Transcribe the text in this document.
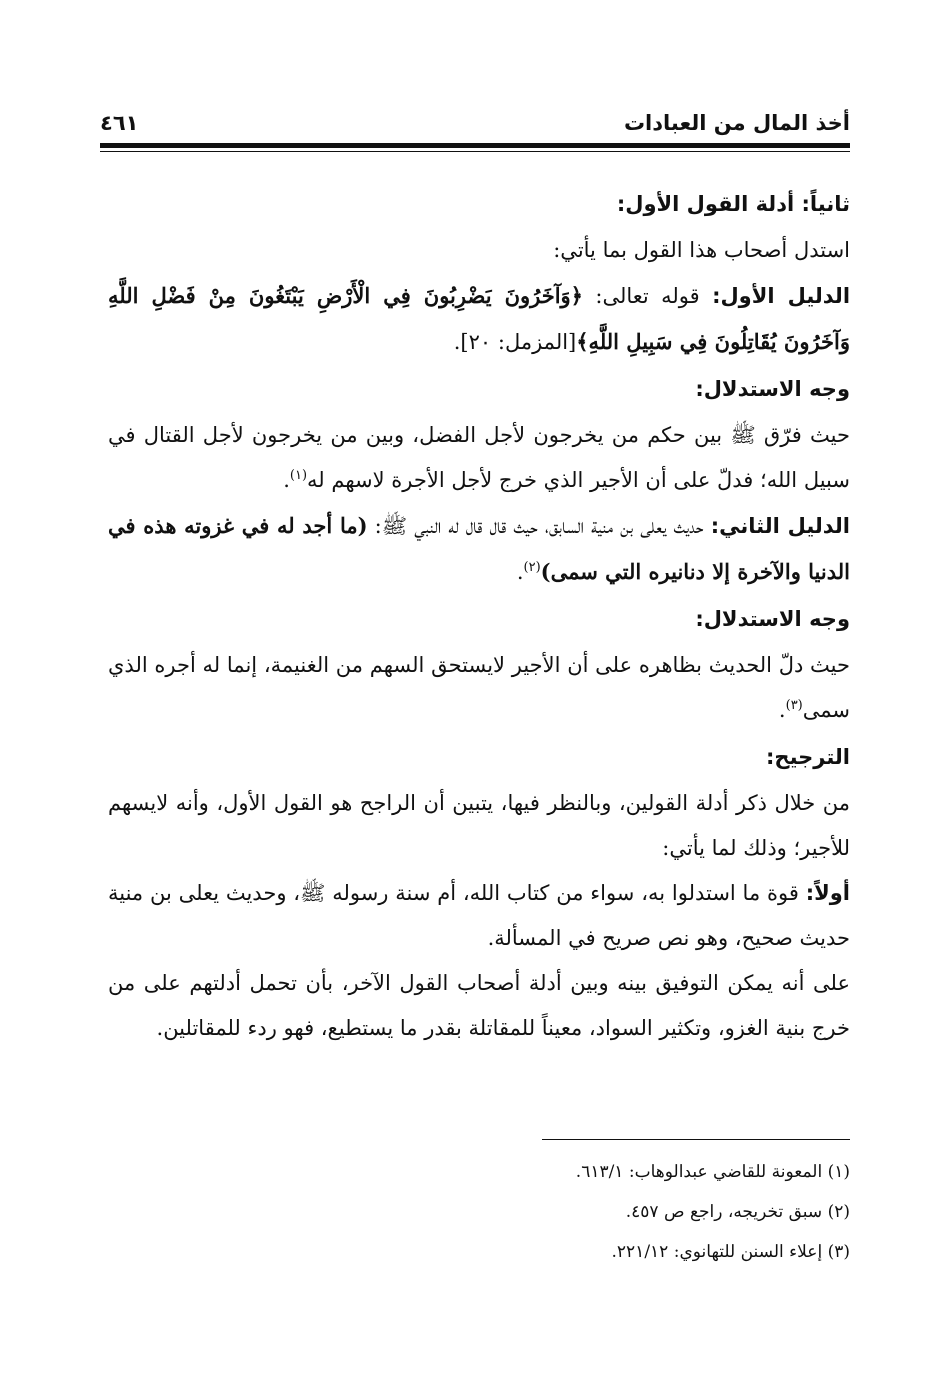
أخذ المال من العبادات
٤٦١

ثانياً: أدلة القول الأول:

استدل أصحاب هذا القول بما يأتي:

الدليل الأول: قوله تعالى: ﴿وَآخَرُونَ يَضْرِبُونَ فِي الْأَرْضِ يَبْتَغُونَ مِنْ فَضْلِ اللَّهِ وَآخَرُونَ يُقَاتِلُونَ فِي سَبِيلِ اللَّهِ﴾[المزمل: ٢٠].

وجه الاستدلال:

حيث فرّق ﷺ بين حكم من يخرجون لأجل الفضل، وبين من يخرجون لأجل القتال في سبيل الله؛ فدلّ على أن الأجير الذي خرج لأجل الأجرة لاسهم له$^{(١)}$.

الدليل الثاني: حديث يعلى بن منية السابق، حيث قال قال له النبي ﷺ: (ما أجد له في غزوته هذه في الدنيا والآخرة إلا دنانيره التي سمى)$^{(٢)}$.

وجه الاستدلال:

حيث دلّ الحديث بظاهره على أن الأجير لايستحق السهم من الغنيمة، إنما له أجره الذي سمى$^{(٣)}$.

الترجيح:

من خلال ذكر أدلة القولين، وبالنظر فيها، يتبين أن الراجح هو القول الأول، وأنه لايسهم للأجير؛ وذلك لما يأتي:

أولاً: قوة ما استدلوا به، سواء من كتاب الله، أم سنة رسوله ﷺ، وحديث يعلى بن منية حديث صحيح، وهو نص صريح في المسألة.

على أنه يمكن التوفيق بينه وبين أدلة أصحاب القول الآخر، بأن تحمل أدلتهم على من خرج بنية الغزو، وتكثير السواد، معيناً للمقاتلة بقدر ما يستطيع، فهو ردء للمقاتلين.

(١) المعونة للقاضي عبدالوهاب: ٦١٣/١.

(٢) سبق تخريجه، راجع ص ٤٥٧.

(٣) إعلاء السنن للتهانوي: ٢٢١/١٢.
